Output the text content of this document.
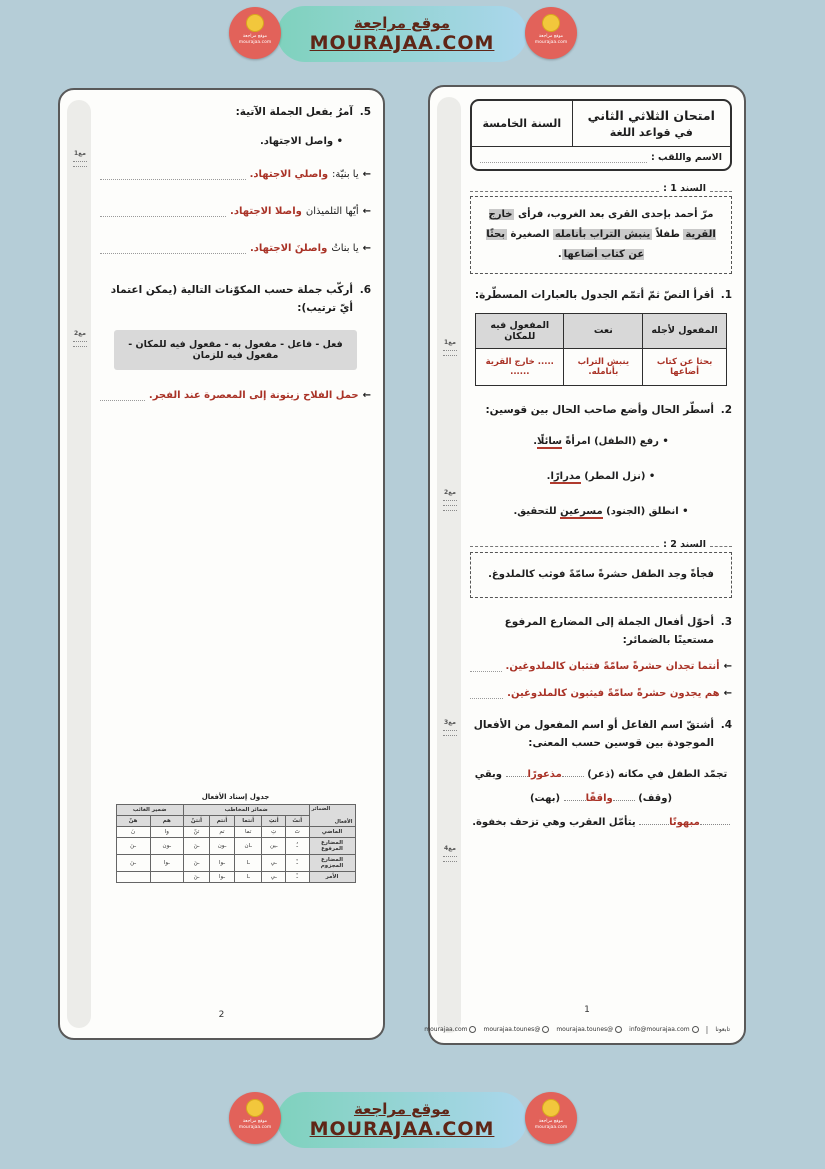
موقع مراجعة
MOURAJAA.COM
موقع مراجعة
mourajaa.com
موقع مراجعة
mourajaa.com
مع1
مع2
مع3
مع4
امتحان الثلاثي الثاني
في قواعد اللغة
السنة الخامسة
الاسم واللقب :
السند 1 :
مرّ أحمد بإحدى القرى بعد الغروب، فرأى خارج القرية طفلاً ينبش التراب بأنامله الصغيرة بحثًا عن كتاب أضاعها.
1.
أقرأ النصّ ثمّ أتمّم الجدول بالعبارات المسطّرة:
المفعول لأجله	نعت	المفعول فيه للمكان
بحثا عن كتاب أضاعها	ينبش التراب بأنامله.	..... خارج القرية ......
2.
أسطّر الحال وأضع صاحب الحال بين قوسين:
• رفع (الطفل) امرأةً سائلًا.
• (نزل المطر) مدرارًا.
• انطلق (الجنود) مسرعين للتحقيق.
السند 2 :
فجأةً وجد الطفل حشرةً سامّةً فوثب كالملدوغ.
3.
أحوّل أفعال الجملة إلى المضارع المرفوع مستعينًا بالضمائر:
←
أنتما تجدان حشرةً سامّةً فتثبان كالملدوغين.
←
هم يجدون حشرةً سامّةً فيثبون كالملدوغين.
4.
أشتقّ اسم الفاعل أو اسم المفعول من الأفعال الموجودة بين قوسين حسب المعنى:
تجمّد الطفل في مكانه (ذعر) مذعورًا وبقي (وقف) واقفًا (بهت)
مبهوتًا يتأمّل العقرب وهي تزحف بخفوة.
1
تابعونا
|
info@mourajaa.com
@mourajaa.tounes
@mourajaa.tounes
mourajaa.com
مع1
مع2
5.
آمرُ بفعل الجملة الآتية:
• واصل الاجتهاد.
←
يا بنيّة:
واصلي الاجتهاد.
←
أيّها التلميذان
واصلا الاجتهاد.
←
يا بناتُ
واصلنَ الاجتهاد.
6.
أركّب جملة حسب المكوّنات التالية (يمكن اعتماد أيّ ترتيب):
فعل - فاعل - مفعول به - مفعول فيه للمكان - مفعول فيه للزمان
←
حمل الفلاح زيتونة إلى المعصرة عند الفجر.
جدول إسناد الأفعال
الضمائر
الأفعال	ضمائر المخاطب					ضمير الغائب	
	أنتَ	أنتِ	أنتما	أنتم	أنتنّ	هم	هنّ
الماضي	تَ	تِ	تما	تم	تنّ	وا	نَ
المضارع المرفوع	ـُ	ـين	ـان	ـون	ـنَ	ـون	ـنَ
المضارع المجزوم	ـْ	ـي	ـا	ـوا	ـنَ	ـوا	ـنَ
الأمر	ـْ	ـي	ـا	ـوا	ـنَ		
2
موقع مراجعة
MOURAJAA.COM
موقع مراجعة
mourajaa.com
موقع مراجعة
mourajaa.com
